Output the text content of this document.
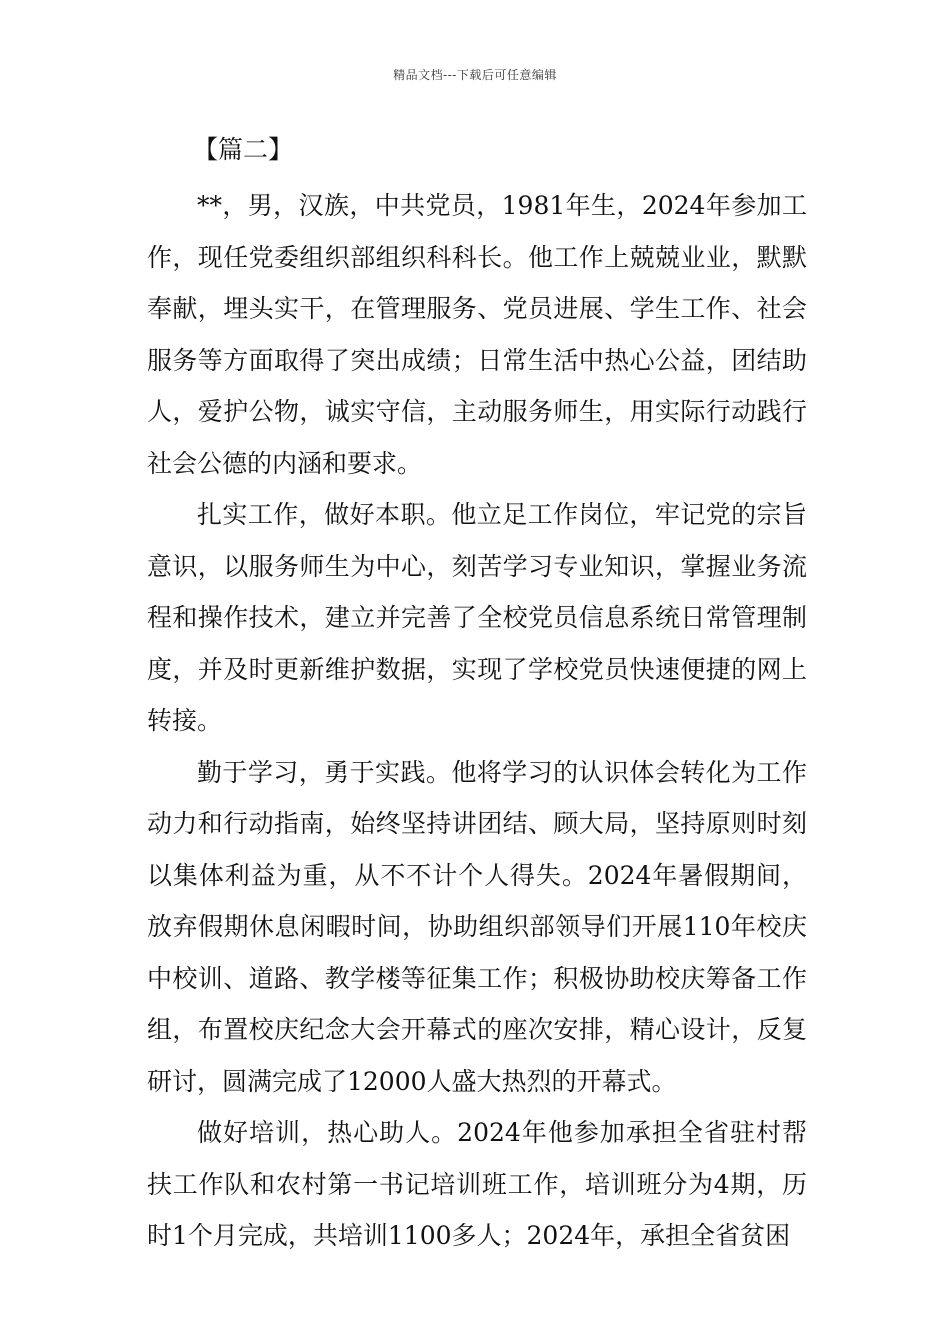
精品文档---下载后可任意编辑
【篇二】

**，男，汉族，中共党员，1981年生，2024年参加工作，现任党委组织部组织科科长。他工作上兢兢业业，默默奉献，埋头实干，在管理服务、党员进展、学生工作、社会服务等方面取得了突出成绩；日常生活中热心公益，团结助人，爱护公物，诚实守信，主动服务师生，用实际行动践行社会公德的内涵和要求。

扎实工作，做好本职。他立足工作岗位，牢记党的宗旨意识，以服务师生为中心，刻苦学习专业知识，掌握业务流程和操作技术，建立并完善了全校党员信息系统日常管理制度，并及时更新维护数据，实现了学校党员快速便捷的网上转接。

勤于学习，勇于实践。他将学习的认识体会转化为工作动力和行动指南，始终坚持讲团结、顾大局，坚持原则时刻以集体利益为重，从不不计个人得失。2024年暑假期间，放弃假期休息闲暇时间，协助组织部领导们开展110年校庆中校训、道路、教学楼等征集工作；积极协助校庆筹备工作组，布置校庆纪念大会开幕式的座次安排，精心设计，反复研讨，圆满完成了12000人盛大热烈的开幕式。

做好培训，热心助人。2024年他参加承担全省驻村帮扶工作队和农村第一书记培训班工作，培训班分为4期，历时1个月完成，共培训1100多人；2024年，承担全省贫困
